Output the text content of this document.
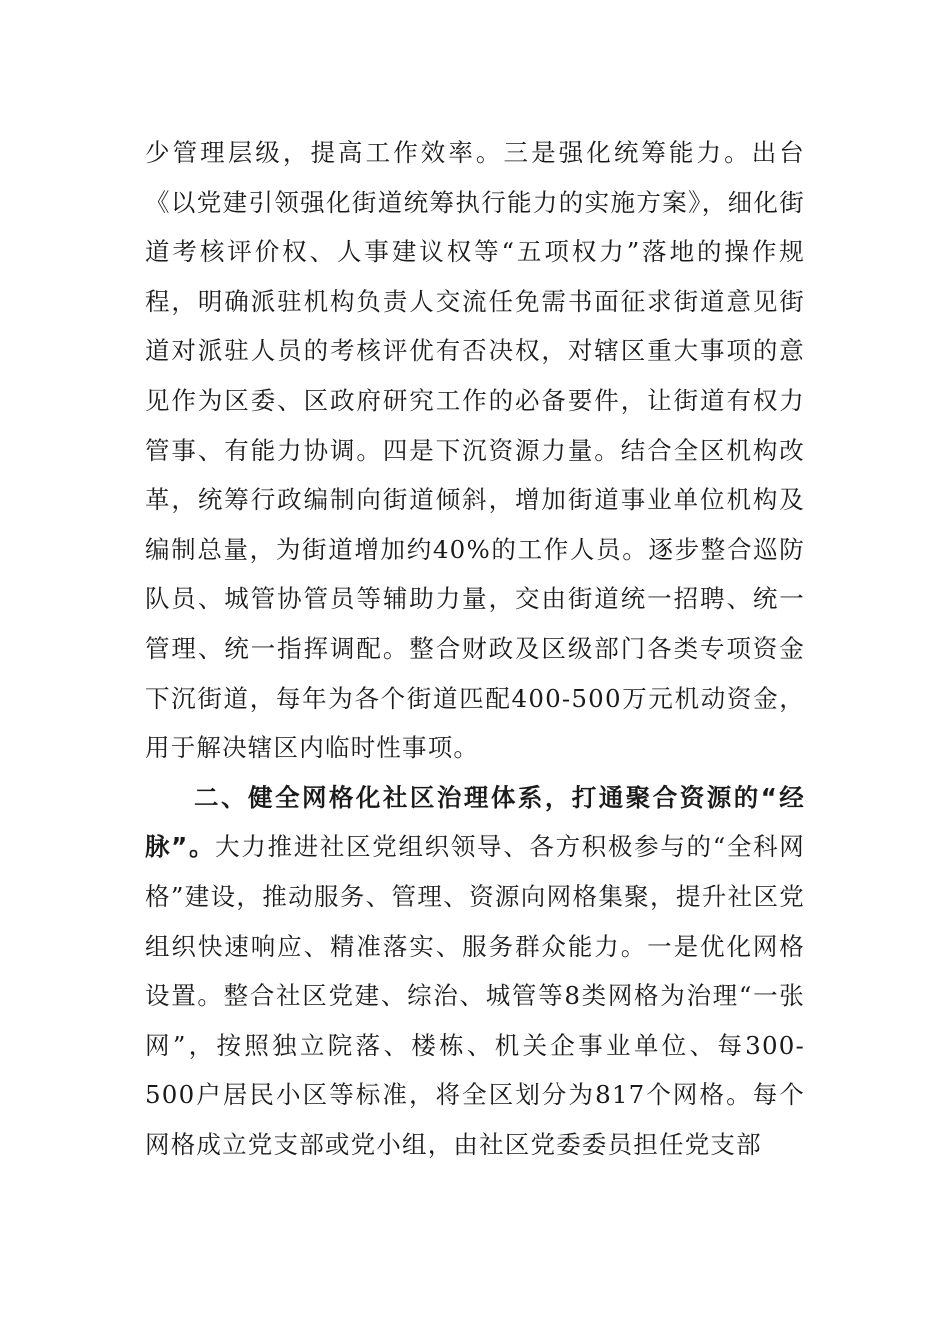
少管理层级，提高工作效率。三是强化统筹能力。出台《以党建引领强化街道统筹执行能力的实施方案》，细化街道考核评价权、人事建议权等“五项权力”落地的操作规程，明确派驻机构负责人交流任免需书面征求街道意见街道对派驻人员的考核评优有否决权，对辖区重大事项的意见作为区委、区政府研究工作的必备要件，让街道有权力管事、有能力协调。四是下沉资源力量。结合全区机构改革，统筹行政编制向街道倾斜，增加街道事业单位机构及编制总量，为街道增加约40%的工作人员。逐步整合巡防队员、城管协管员等辅助力量，交由街道统一招聘、统一管理、统一指挥调配。整合财政及区级部门各类专项资金下沉街道，每年为各个街道匹配400-500万元机动资金，用于解决辖区内临时性事项。

二、健全网格化社区治理体系，打通聚合资源的“经脉”。大力推进社区党组织领导、各方积极参与的“全科网格”建设，推动服务、管理、资源向网格集聚，提升社区党组织快速响应、精准落实、服务群众能力。一是优化网格设置。整合社区党建、综治、城管等8类网格为治理“一张网”，按照独立院落、楼栋、机关企事业单位、每300-500户居民小区等标准，将全区划分为817个网格。每个网格成立党支部或党小组，由社区党委委员担任党支部
